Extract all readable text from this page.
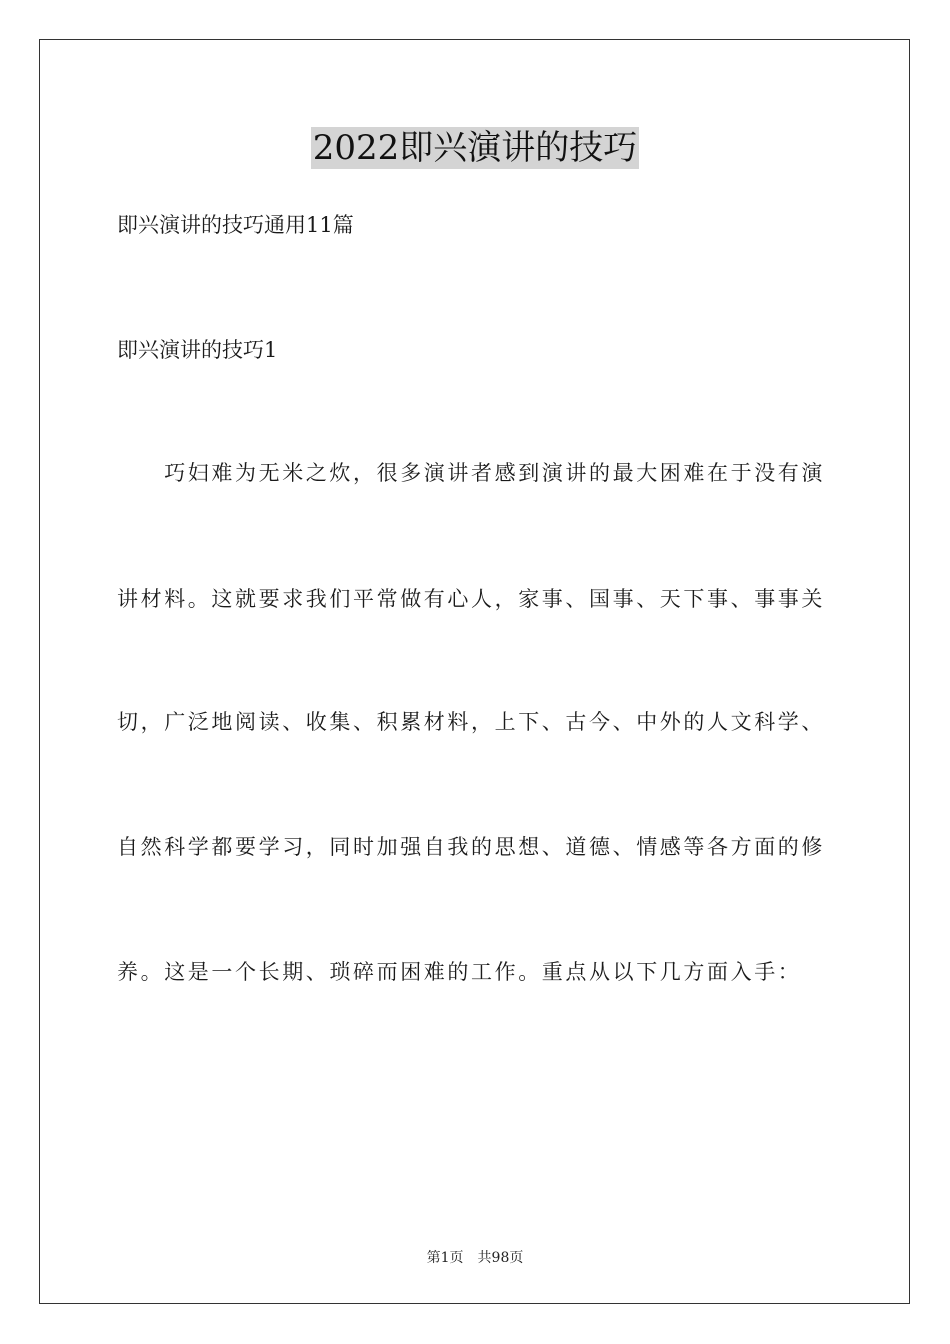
2022即兴演讲的技巧
即兴演讲的技巧通用11篇
即兴演讲的技巧1
　　巧妇难为无米之炊，很多演讲者感到演讲的最大困难在于没有演
讲材料。这就要求我们平常做有心人，家事、国事、天下事、事事关
切，广泛地阅读、收集、积累材料，上下、古今、中外的人文科学、
自然科学都要学习，同时加强自我的思想、道德、情感等各方面的修
养。这是一个长期、琐碎而困难的工作。重点从以下几方面入手：
第1页　共98页
